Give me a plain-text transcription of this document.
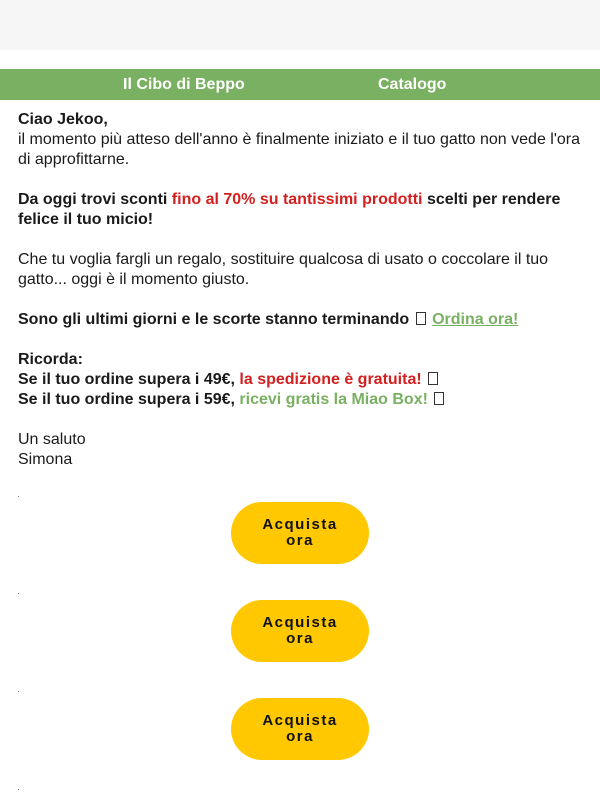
Il Cibo di Beppo	Catalogo

Ciao Jekoo,

il momento più atteso dell'anno è finalmente iniziato e il tuo gatto non vede l'ora di approfittarne.

Da oggi trovi sconti fino al 70% su tantissimi prodotti scelti per rendere felice il tuo micio!

Che tu voglia fargli un regalo, sostituire qualcosa di usato o coccolare il tuo gatto... oggi è il momento giusto.

Sono gli ultimi giorni e le scorte stanno terminando Ordina ora!

Ricorda:

Se il tuo ordine supera i 49€, la spedizione è gratuita!

Se il tuo ordine supera i 59€, ricevi gratis la Miao Box!

Un saluto

Simona

Acquista
ora
Acquista
ora
Acquista
ora
